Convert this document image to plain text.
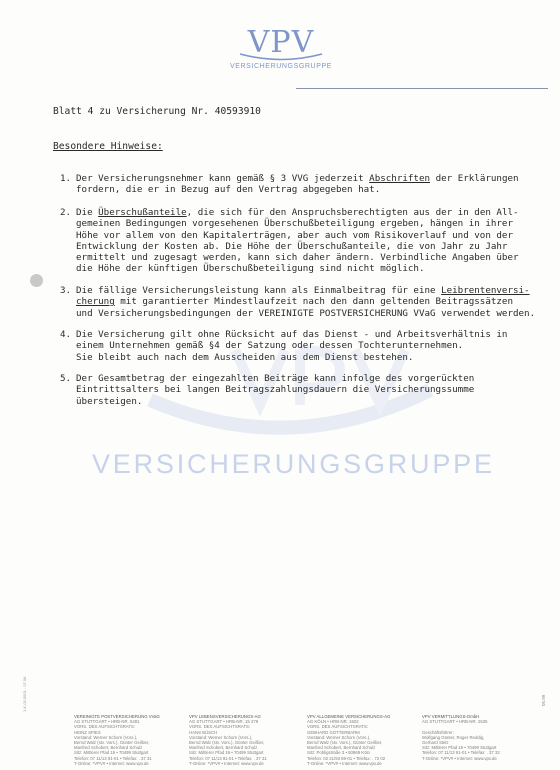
VERSICHERUNGSGRUPPE
VPV
VERSICHERUNGSGRUPPE
Blatt 4 zu Versicherung Nr. 40593910
Besondere Hinweise:
1. Der Versicherungsnehmer kann gemäß § 3 VVG jederzeit Abschriften der Erklärungen
fordern, die er in Bezug auf den Vertrag abgegeben hat.
2. Die Überschußanteile, die sich für den Anspruchsberechtigten aus der in den All-
gemeinen Bedingungen vorgesehenen Überschußbeteiligung ergeben, hängen in ihrer
Höhe vor allem von den Kapitalerträgen, aber auch vom Risikoverlauf und von der
Entwicklung der Kosten ab. Die Höhe der Überschußanteile, die von Jahr zu Jahr
ermittelt und zugesagt werden, kann sich daher ändern. Verbindliche Angaben über
die Höhe der künftigen Überschußbeteiligung sind nicht möglich.
3. Die fällige Versicherungsleistung kann als Einmalbeitrag für eine Leibrentenversi-
cherung mit garantierter Mindestlaufzeit nach den dann geltenden Beitragssätzen
und Versicherungsbedingungen der VEREINIGTE POSTVERSICHERUNG VVaG verwendet werden.
4. Die Versicherung gilt ohne Rücksicht auf das Dienst - und Arbeitsverhältnis in
einem Unternehmen gemäß §4 der Satzung oder dessen Tochterunternehmen.
Sie bleibt auch nach dem Ausscheiden aus dem Dienst bestehen.
5. Der Gesamtbetrag der eingezahlten Beiträge kann infolge des vorgerückten
Eintrittsalters bei langen Beitragszahlungsdauern die Versicherungssumme
übersteigen.
1.K-03.0001 · 07.98	05.99
VEREINIGTE POSTVERSICHERUNG VVaG
AG STUTTGART • HRB-NR. 5491
VORS. DES AUFSICHTSRATS:
HEINZ SPIES
Vorstand: Werner Schorn (Vors.),
Bernd Walz (stv. Vors.), Günter Geißler,
Manfred Schobert, Bernhard Schulz
Sitz: Mittlerer Pfad 19 • 70499 Stuttgart
Telefon: 07 11/13 91-01 • Telefax: . 37 31
T-Online: *VPV# • Internet: www.vpv.de
VPV LEBENSVERSICHERUNGS-AG
AG STUTTGART • HRB-NR. 15 279
VORS. DES AUFSICHTSRATS:
HANS BÜSCH
Vorstand: Werner Schorn (Vors.),
Bernd Walz (stv. Vors.), Günter Geißler,
Manfred Schobert, Bernhard Schulz
Sitz: Mittlerer Pfad 19 • 70499 Stuttgart
Telefon: 07 11/13 91-01 • Telefax: . 37 31
T-Online: *VPV# • Internet: www.vpv.de
VPV ALLGEMEINE VERSICHERUNGS-AG
AG KÖLN • HRB-NR. 1502
VORS. DES AUFSICHTSRATS:
GEBHARD GOTTERBARM
Vorstand: Werner Schorn (Vors.),
Bernd Walz (stv. Vors.), Günter Geißler,
Manfred Schobert, Bernhard Schulz
Sitz: Pohligstraße 3 • 50969 Köln
Telefon: 02 21/93 69-01 • Telefax: . 72 02
T-Online: *VPV# • Internet: www.vpv.de
VPV VERMITTLUNGS-GmbH
AG STUTTGART • HRB-NR. 2635

Geschäftsführer:
Wolfgang Günter, Roger Reddig,
Gerhard Stelz
Sitz: Mittlerer Pfad 19 • 70499 Stuttgart
Telefon: 07 11/13 91-01 • Telefax: . 37 32
T-Online: *VPV# • Internet: www.vpv.de
